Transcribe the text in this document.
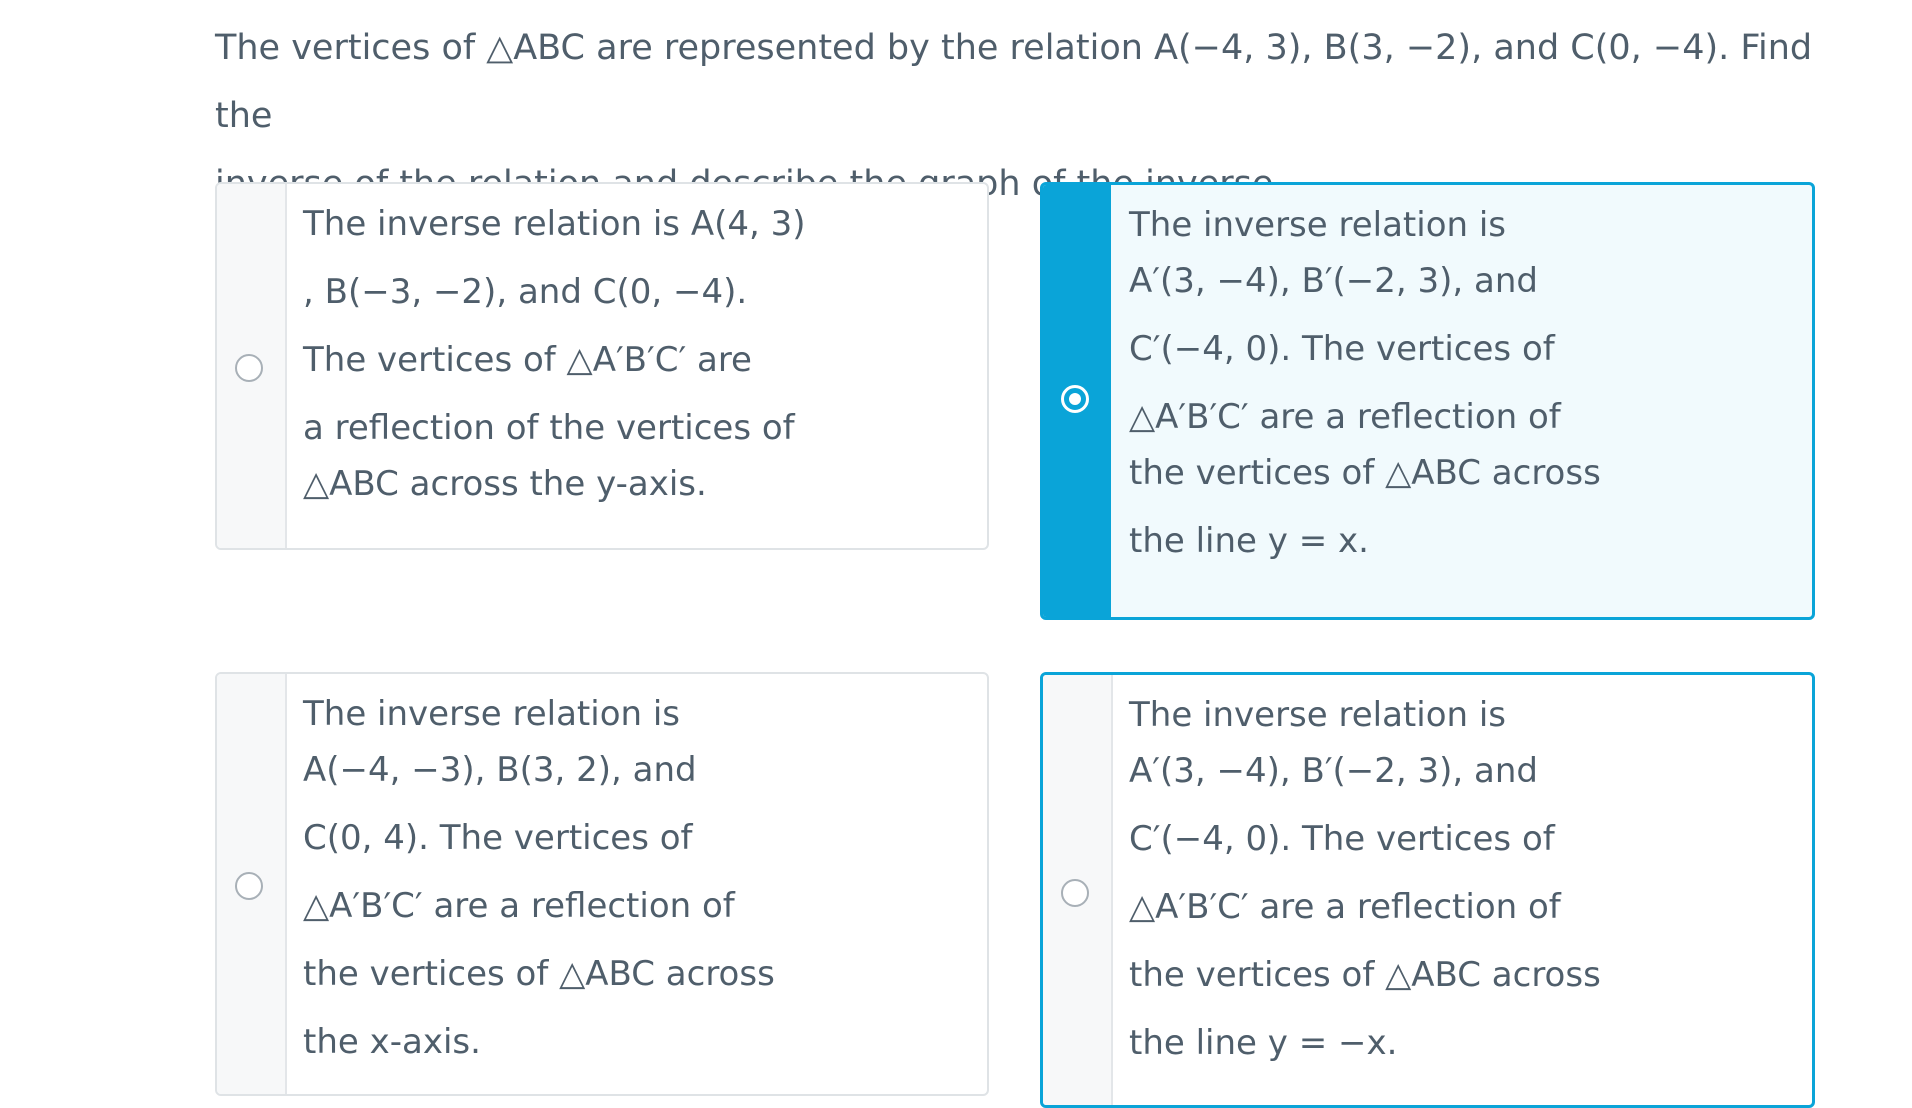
The vertices of △ABC are represented by the relation A(−4, 3), B(3, −2), and C(0, −4). Find the
The inverse relation is A(4, 3)
, B(−3, −2), and C(0, −4).
The vertices of △A′B′C′ are
a reflection of the vertices of
△ABC across the y-axis.
The inverse relation is
A′(3, −4), B′(−2, 3), and
C′(−4, 0). The vertices of
△A′B′C′ are a reflection of
the vertices of △ABC across
the line y = x.
The inverse relation is
A(−4, −3), B(3, 2), and
C(0, 4). The vertices of
△A′B′C′ are a reflection of
the vertices of △ABC across
the x-axis.
The inverse relation is
A′(3, −4), B′(−2, 3), and
C′(−4, 0). The vertices of
△A′B′C′ are a reflection of
the vertices of △ABC across
the line y = −x.
